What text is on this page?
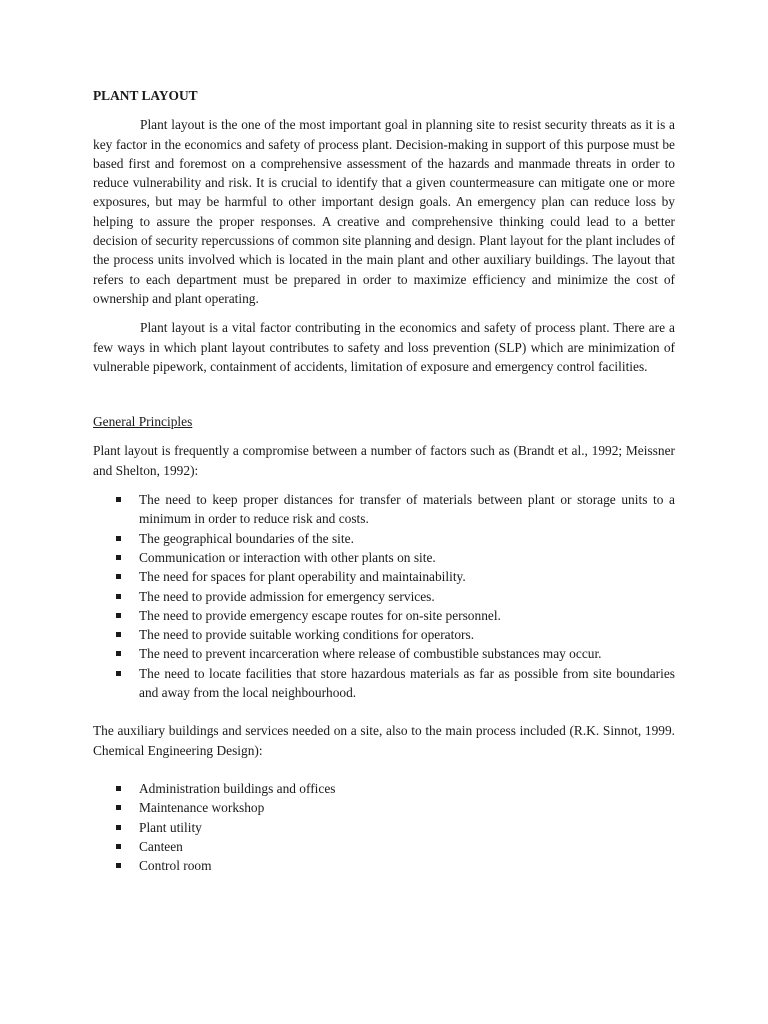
PLANT LAYOUT

Plant layout is the one of the most important goal in planning site to resist security threats as it is a key factor in the economics and safety of process plant. Decision-making in support of this purpose must be based first and foremost on a comprehensive assessment of the hazards and manmade threats in order to reduce vulnerability and risk. It is crucial to identify that a given countermeasure can mitigate one or more exposures, but may be harmful to other important design goals. An emergency plan can reduce loss by helping to assure the proper responses. A creative and comprehensive thinking could lead to a better decision of security repercussions of common site planning and design. Plant layout for the plant includes of the process units involved which is located in the main plant and other auxiliary buildings. The layout that refers to each department must be prepared in order to maximize efficiency and minimize the cost of ownership and plant operating.

Plant layout is a vital factor contributing in the economics and safety of process plant. There are a few ways in which plant layout contributes to safety and loss prevention (SLP) which are minimization of vulnerable pipework, containment of accidents, limitation of exposure and emergency control facilities.

General Principles

Plant layout is frequently a compromise between a number of factors such as (Brandt et al., 1992; Meissner and Shelton, 1992):

The need to keep proper distances for transfer of materials between plant or storage units to a minimum in order to reduce risk and costs.
The geographical boundaries of the site.
Communication or interaction with other plants on site.
The need for spaces for plant operability and maintainability.
The need to provide admission for emergency services.
The need to provide emergency escape routes for on-site personnel.
The need to provide suitable working conditions for operators.
The need to prevent incarceration where release of combustible substances may occur.
The need to locate facilities that store hazardous materials as far as possible from site boundaries and away from the local neighbourhood.

The auxiliary buildings and services needed on a site, also to the main process included (R.K. Sinnot, 1999. Chemical Engineering Design):

Administration buildings and offices
Maintenance workshop
Plant utility
Canteen
Control room
